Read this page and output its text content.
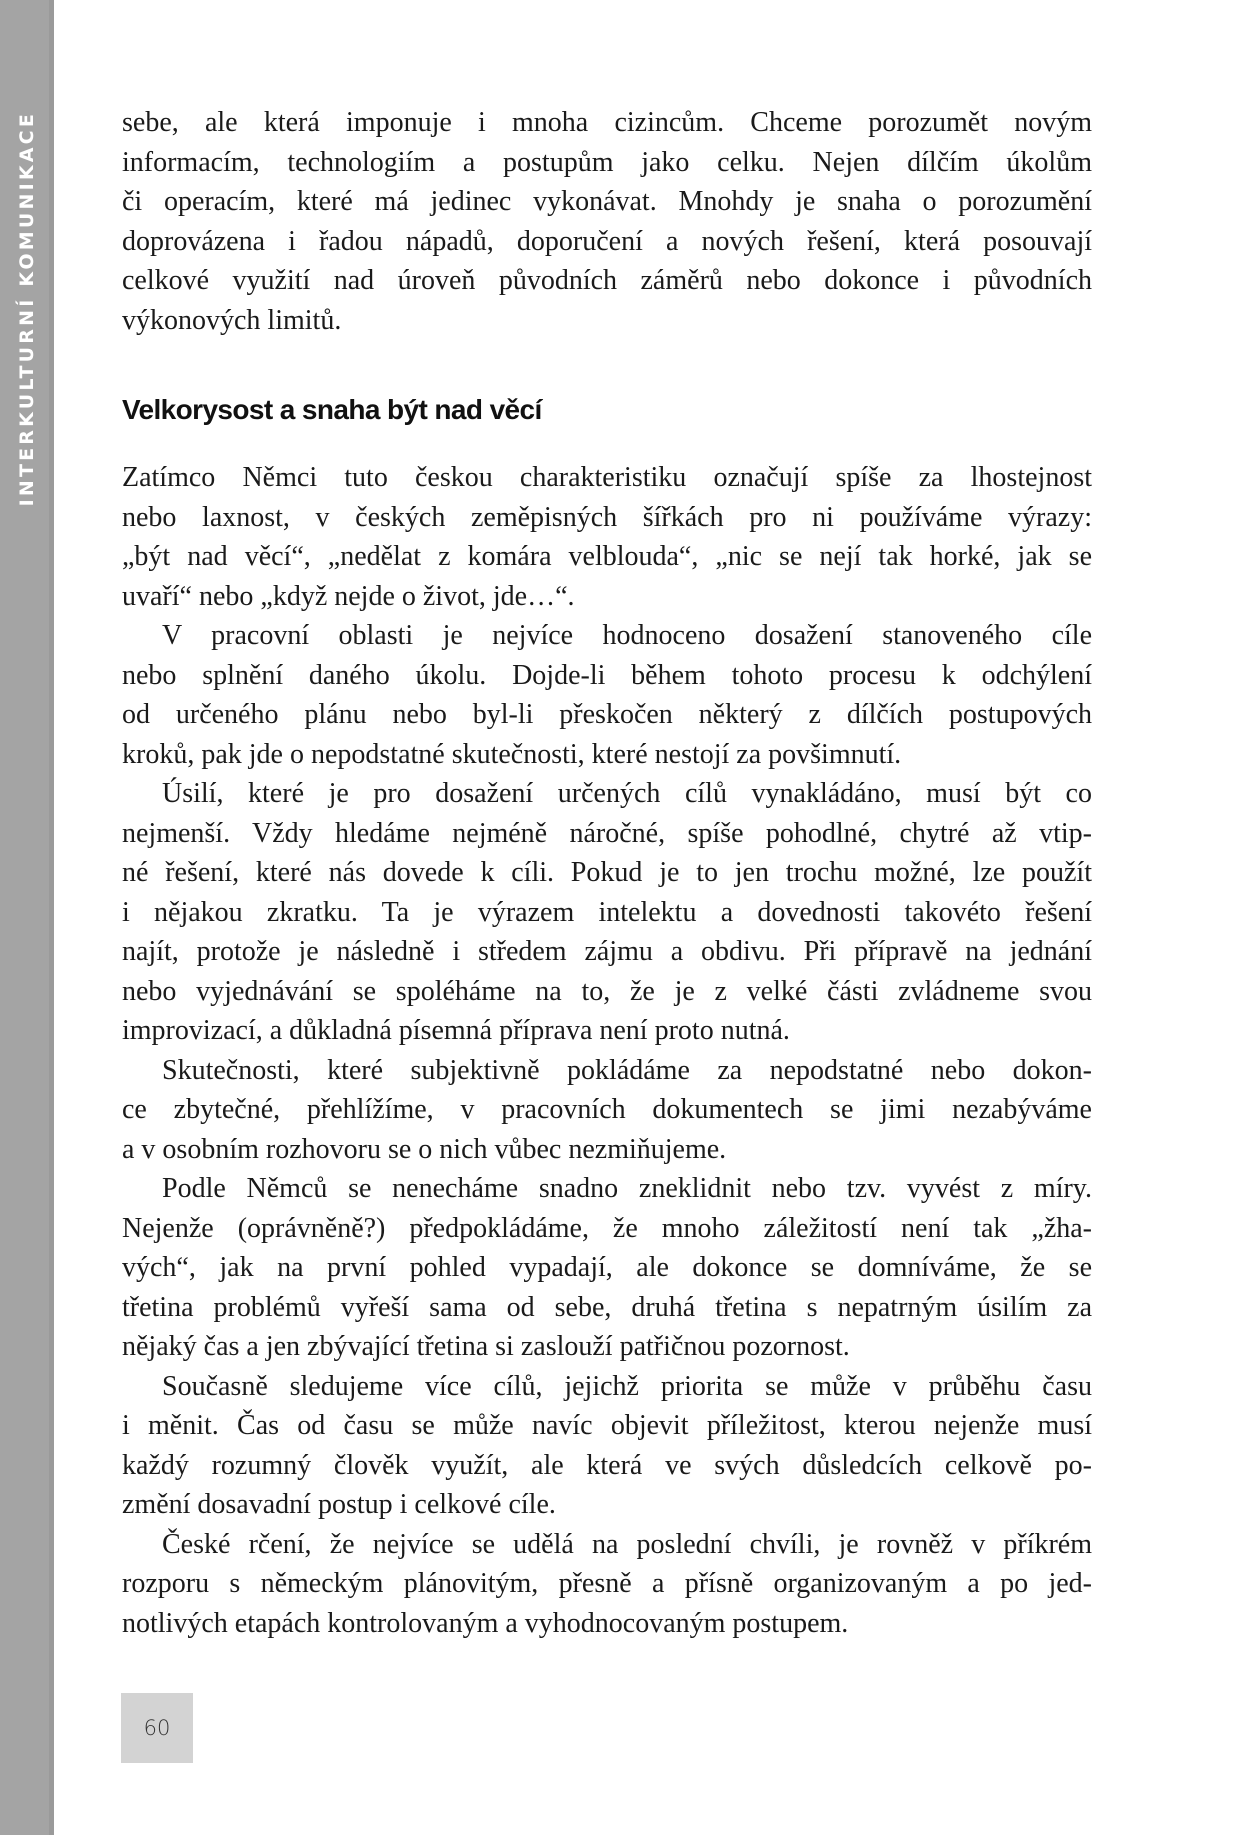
INTERKULTURNÍ KOMUNIKACE	sebe, ale která imponuje i mnoha cizincům. Chceme porozumět novým
informacím, technologiím a postupům jako celku. Nejen dílčím úkolům
či operacím, které má jedinec vykonávat. Mnohdy je snaha o porozumění
doprovázena i řadou nápadů, doporučení a nových řešení, která posouvají
celkové využití nad úroveň původních záměrů nebo dokonce i původních
výkonových limitů.
Velkorysost a snaha být nad věcí
Zatímco Němci tuto českou charakteristiku označují spíše za lhostejnost
nebo laxnost, v českých zeměpisných šířkách pro ni používáme výrazy:
„být nad věcí“, „nedělat z komára velblouda“, „nic se nejí tak horké, jak se
uvaří“ nebo „když nejde o život, jde…“.
V pracovní oblasti je nejvíce hodnoceno dosažení stanoveného cíle
nebo splnění daného úkolu. Dojde-li během tohoto procesu k odchýlení
od určeného plánu nebo byl-li přeskočen některý z dílčích postupových
kroků, pak jde o nepodstatné skutečnosti, které nestojí za povšimnutí.
Úsilí, které je pro dosažení určených cílů vynakládáno, musí být co
nejmenší. Vždy hledáme nejméně náročné, spíše pohodlné, chytré až vtip-
né řešení, které nás dovede k cíli. Pokud je to jen trochu možné, lze použít
i nějakou zkratku. Ta je výrazem intelektu a dovednosti takovéto řešení
najít, protože je následně i středem zájmu a obdivu. Při přípravě na jednání
nebo vyjednávání se spoléháme na to, že je z velké části zvládneme svou
improvizací, a důkladná písemná příprava není proto nutná.
Skutečnosti, které subjektivně pokládáme za nepodstatné nebo dokon-
ce zbytečné, přehlížíme, v pracovních dokumentech se jimi nezabýváme
a v osobním rozhovoru se o nich vůbec nezmiňujeme.
Podle Němců se nenecháme snadno zneklidnit nebo tzv. vyvést z míry.
Nejenže (oprávněně?) předpokládáme, že mnoho záležitostí není tak „žha-
vých“, jak na první pohled vypadají, ale dokonce se domníváme, že se
třetina problémů vyřeší sama od sebe, druhá třetina s nepatrným úsilím za
nějaký čas a jen zbývající třetina si zaslouží patřičnou pozornost.
Současně sledujeme více cílů, jejichž priorita se může v průběhu času
i měnit. Čas od času se může navíc objevit příležitost, kterou nejenže musí
každý rozumný člověk využít, ale která ve svých důsledcích celkově po-
změní dosavadní postup i celkové cíle.
České rčení, že nejvíce se udělá na poslední chvíli, je rovněž v příkrém
rozporu s německým plánovitým, přesně a přísně organizovaným a po jed-
notlivých etapách kontrolovaným a vyhodnocovaným postupem.
60
